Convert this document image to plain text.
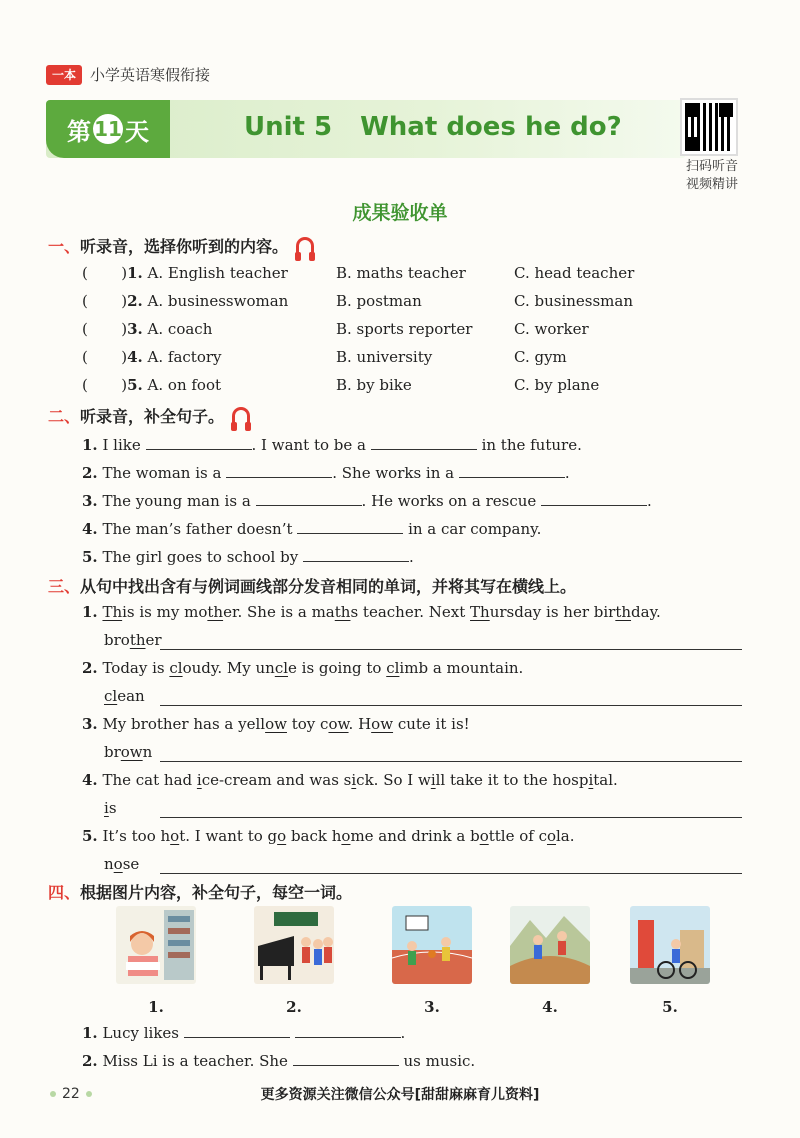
一本 小学英语寒假衔接
第 11 天	Unit 5 What does he do?
扫码听音
视频精讲
成果验收单
一、听录音，选择你听到的内容。
(       )1. A. English teacher	B. maths teacher	C. head teacher
(       )2. A. businesswoman	B. postman	C. businessman
(       )3. A. coach	B. sports reporter	C. worker
(       )4. A. factory	B. university	C. gym
(       )5. A. on foot	B. by bike	C. by plane
二、听录音，补全句子。
1. I like	. I want to be a	in the future.
2. The woman is a	. She works in a	.
3. The young man is a	. He works on a rescue	.
4. The man’s father doesn’t	in a car company.
5. The girl goes to school by	.
三、从句中找出含有与例词画线部分发音相同的单词，并将其写在横线上。
1. This is my mother. She is a maths teacher. Next Thursday is her birthday.
brother
2. Today is cloudy. My uncle is going to climb a mountain.
clean
3. My brother has a yellow toy cow. How cute it is!
brown
4. The cat had ice-cream and was sick. So I will take it to the hospital.
is
5. It’s too hot. I want to go back home and drink a bottle of cola.
nose
四、根据图片内容，补全句子，每空一词。
1.	2.	3.	4.	5.
1. Lucy likes	.
2. Miss Li is a teacher. She	us music.
22	更多资源关注微信公众号[甜甜麻麻育儿资料]
